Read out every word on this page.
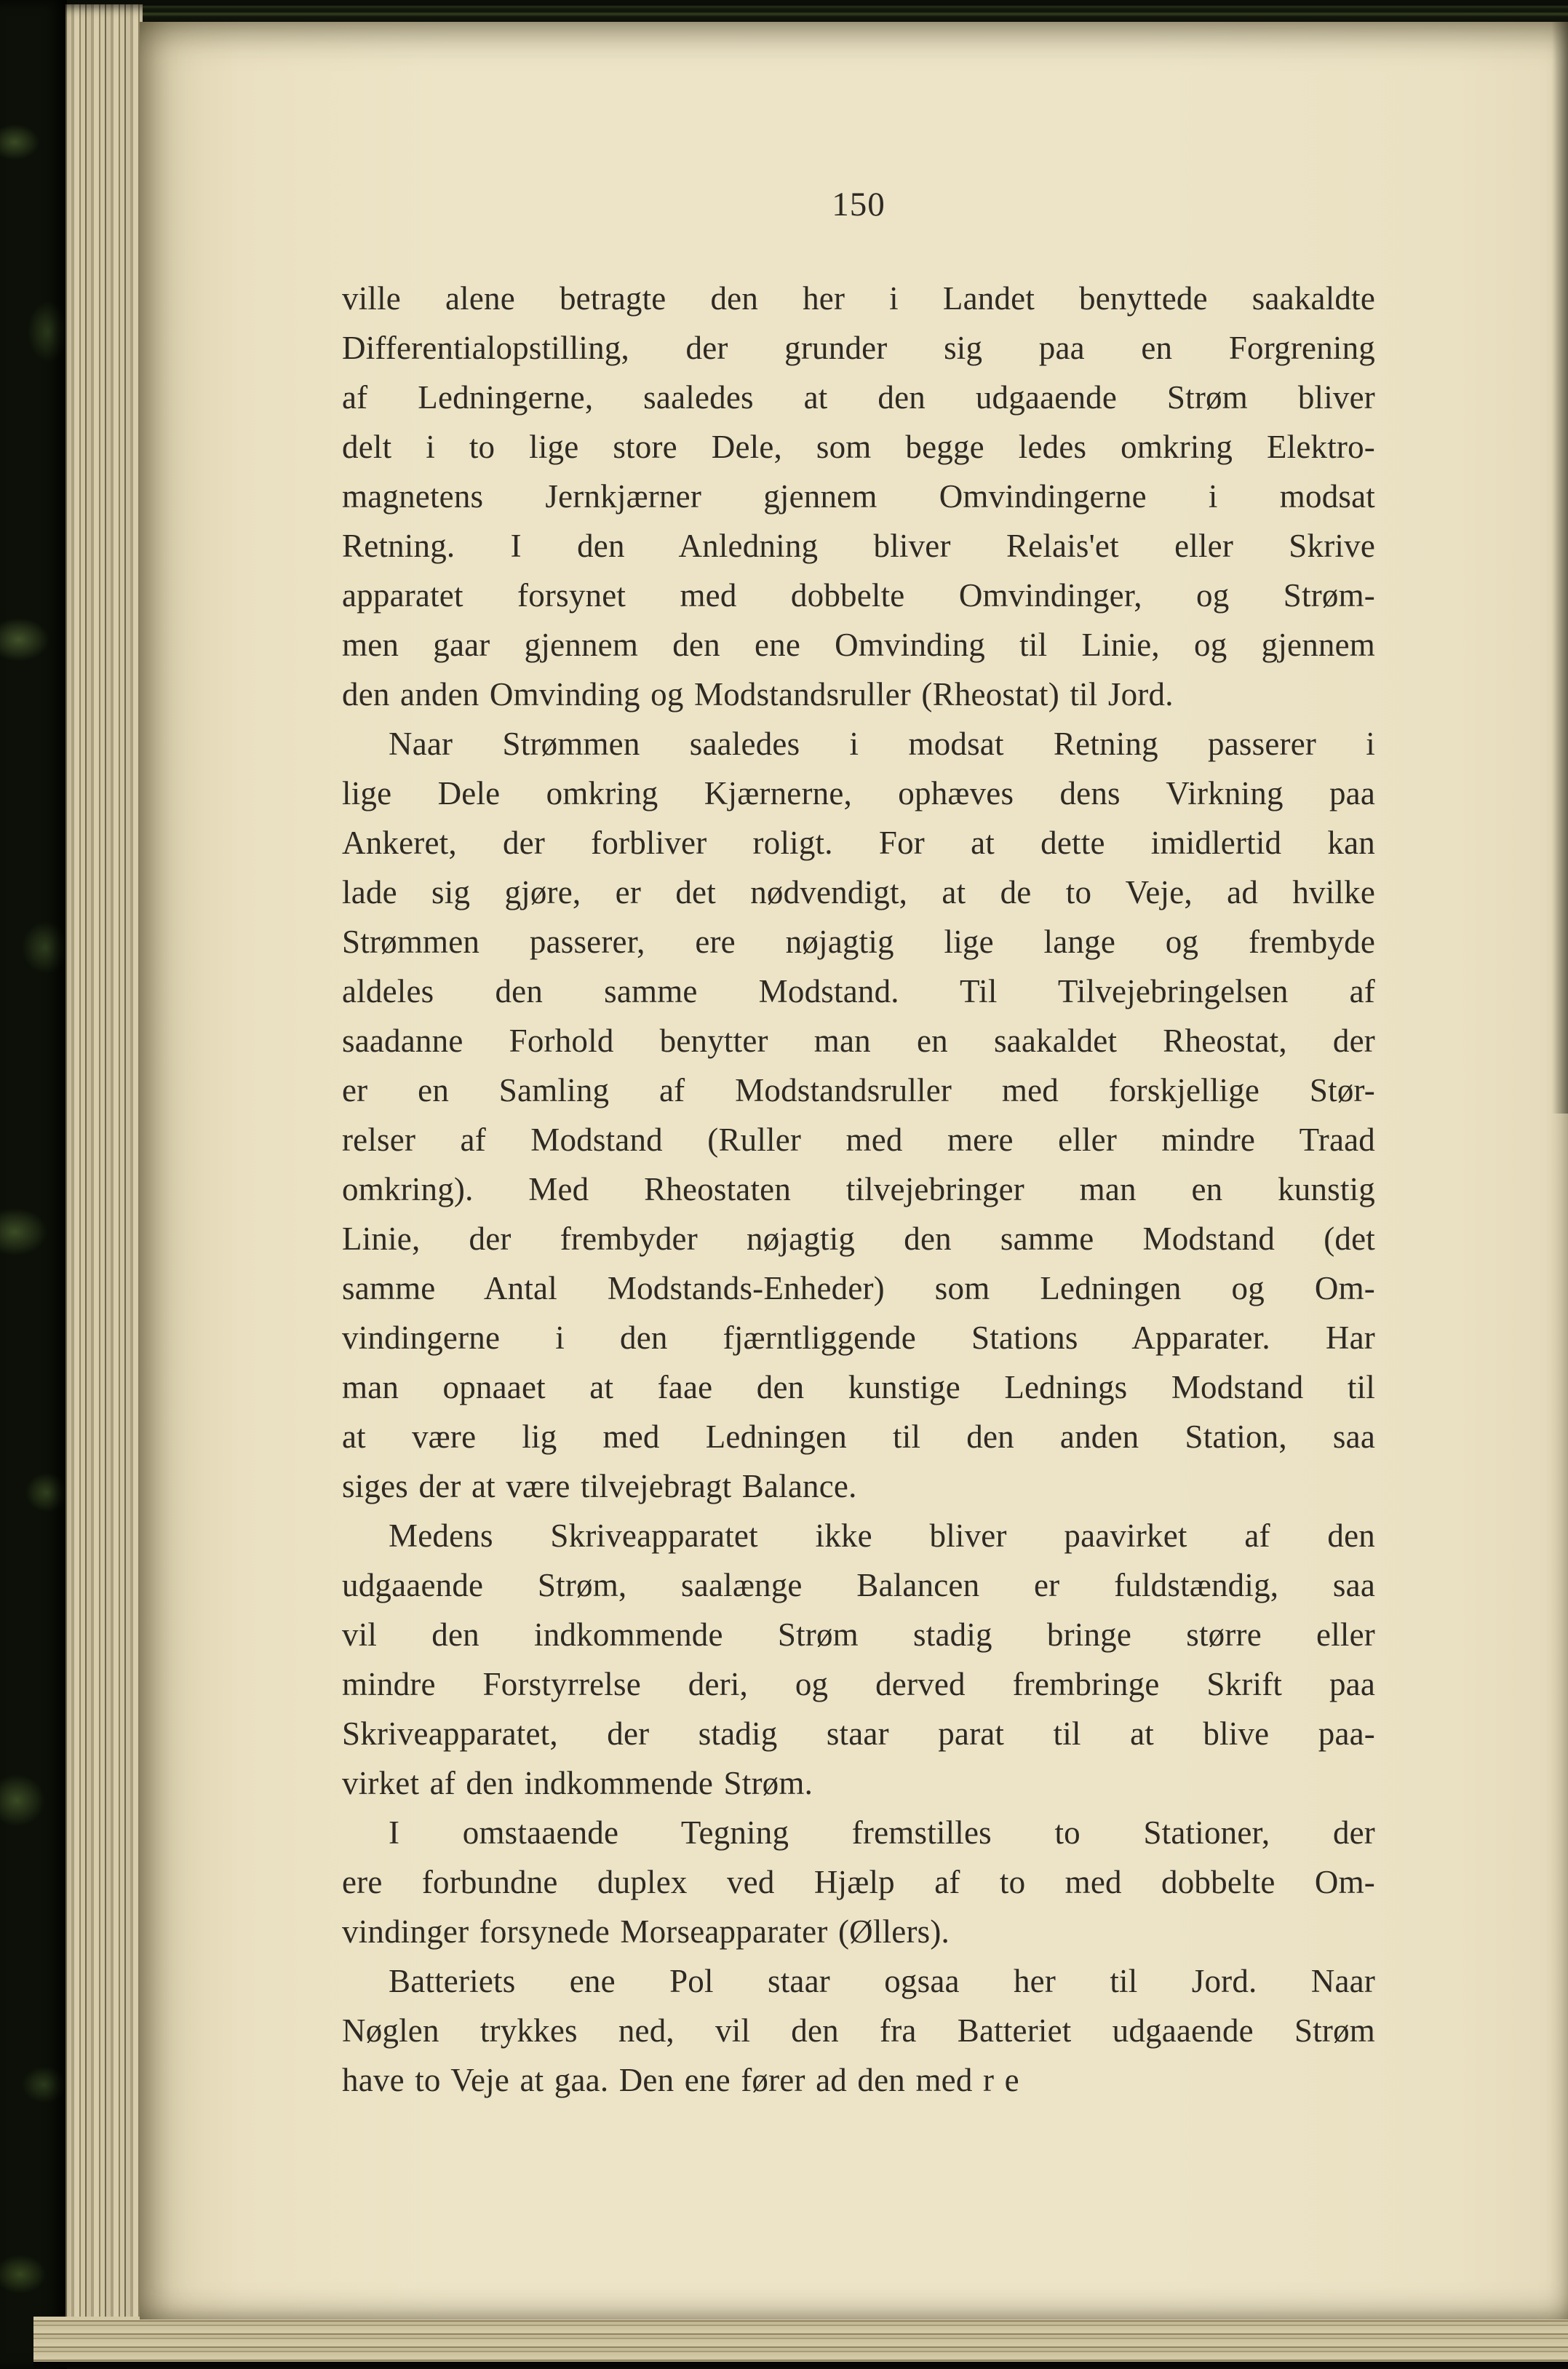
150
ville alene betragte den her i Landet benyttede saakaldte
Differentialopstilling, der grunder sig paa en Forgrening
af Ledningerne, saaledes at den udgaaende Strøm bliver
delt i to lige store Dele, som begge ledes omkring Elektro-
magnetens Jernkjærner gjennem Omvindingerne i modsat
Retning. I den Anledning bliver Relais'et eller Skrive
apparatet forsynet med dobbelte Omvindinger, og Strøm-
men gaar gjennem den ene Omvinding til Linie, og gjennem
den anden Omvinding og Modstandsruller (Rheostat) til Jord.
Naar Strømmen saaledes i modsat Retning passerer i
lige Dele omkring Kjærnerne, ophæves dens Virkning paa
Ankeret, der forbliver roligt. For at dette imidlertid kan
lade sig gjøre, er det nødvendigt, at de to Veje, ad hvilke
Strømmen passerer, ere nøjagtig lige lange og frembyde
aldeles den samme Modstand. Til Tilvejebringelsen af
saadanne Forhold benytter man en saakaldet Rheostat, der
er en Samling af Modstandsruller med forskjellige Stør-
relser af Modstand (Ruller med mere eller mindre Traad
omkring). Med Rheostaten tilvejebringer man en kunstig
Linie, der frembyder nøjagtig den samme Modstand (det
samme Antal Modstands-Enheder) som Ledningen og Om-
vindingerne i den fjærntliggende Stations Apparater. Har
man opnaaet at faae den kunstige Lednings Modstand til
at være lig med Ledningen til den anden Station, saa
siges der at være tilvejebragt Balance.
Medens Skriveapparatet ikke bliver paavirket af den
udgaaende Strøm, saalænge Balancen er fuldstændig, saa
vil den indkommende Strøm stadig bringe større eller
mindre Forstyrrelse deri, og derved frembringe Skrift paa
Skriveapparatet, der stadig staar parat til at blive paa-
virket af den indkommende Strøm.
I omstaaende Tegning fremstilles to Stationer, der
ere forbundne duplex ved Hjælp af to med dobbelte Om-
vindinger forsynede Morseapparater (Øllers).
Batteriets ene Pol staar ogsaa her til Jord. Naar
Nøglen trykkes ned, vil den fra Batteriet udgaaende Strøm
have to Veje at gaa. Den ene fører ad den med r e
